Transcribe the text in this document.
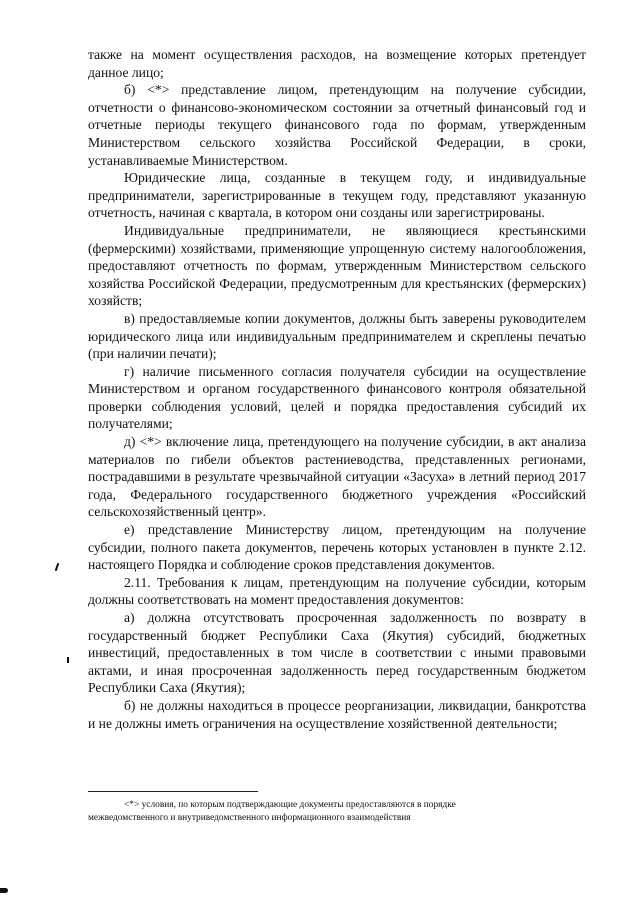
также на момент осуществления расходов, на возмещение которых претендует данное лицо;

б) <*> представление лицом, претендующим на получение субсидии, отчетности о финансово-экономическом состоянии за отчетный финансовый год и отчетные периоды текущего финансового года по формам, утвержденным Министерством сельского хозяйства Российской Федерации, в сроки, устанавливаемые Министерством.

Юридические лица, созданные в текущем году, и индивидуальные предприниматели, зарегистрированные в текущем году, представляют указанную отчетность, начиная с квартала, в котором они созданы или зарегистрированы.

Индивидуальные предприниматели, не являющиеся крестьянскими (фермерскими) хозяйствами, применяющие упрощенную систему налогообложения, предоставляют отчетность по формам, утвержденным Министерством сельского хозяйства Российской Федерации, предусмотренным для крестьянских (фермерских) хозяйств;

в) предоставляемые копии документов, должны быть заверены руководителем юридического лица или индивидуальным предпринимателем и скреплены печатью (при наличии печати);

г) наличие письменного согласия получателя субсидии на осуществление Министерством и органом государственного финансового контроля обязательной проверки соблюдения условий, целей и порядка предоставления субсидий их получателями;

д) <*> включение лица, претендующего на получение субсидии, в акт анализа материалов по гибели объектов растениеводства, представленных регионами, пострадавшими в результате чрезвычайной ситуации «Засуха» в летний период 2017 года, Федерального государственного бюджетного учреждения «Российский сельскохозяйственный центр».

е) представление Министерству лицом, претендующим на получение субсидии, полного пакета документов, перечень которых установлен в пункте 2.12. настоящего Порядка и соблюдение сроков представления документов.

2.11. Требования к лицам, претендующим на получение субсидии, которым должны соответствовать на момент предоставления документов:

а) должна отсутствовать просроченная задолженность по возврату в государственный бюджет Республики Саха (Якутия) субсидий, бюджетных инвестиций, предоставленных в том числе в соответствии с иными правовыми актами, и иная просроченная задолженность перед государственным бюджетом Республики Саха (Якутия);

б) не должны находиться в процессе реорганизации, ликвидации, банкротства и не должны иметь ограничения на осуществление хозяйственной деятельности;

<*> условия, по которым подтверждающие документы предоставляются в порядке
межведомственного и внутриведомственного информационного взаимодействия
